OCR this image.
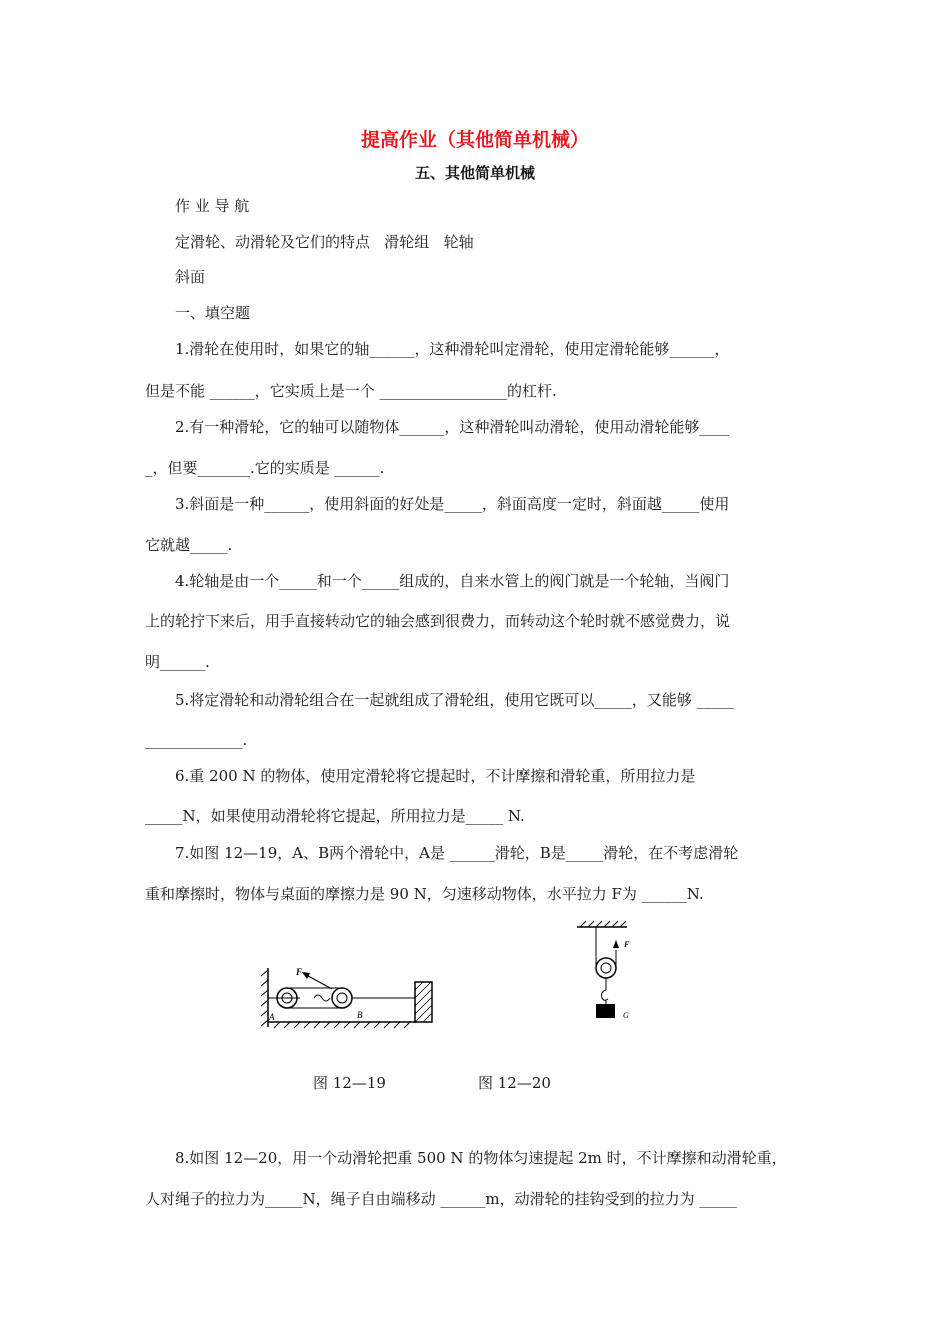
提高作业（其他简单机械）
五、其他简单机械
作 业 导 航
定滑轮、动滑轮及它们的特点   滑轮组   轮轴
斜面
一、填空题
1.滑轮在使用时，如果它的轴______，这种滑轮叫定滑轮，使用定滑轮能够______，
但是不能 ______，它实质上是一个 _________________的杠杆.
2.有一种滑轮，它的轴可以随物体______，这种滑轮叫动滑轮，使用动滑轮能够____
_，但要_______.它的实质是 ______.
3.斜面是一种______，使用斜面的好处是_____，斜面高度一定时，斜面越_____使用
它就越_____.
4.轮轴是由一个_____和一个_____组成的，自来水管上的阀门就是一个轮轴，当阀门
上的轮拧下来后，用手直接转动它的轴会感到很费力，而转动这个轮时就不感觉费力，说
明______.
5.将定滑轮和动滑轮组合在一起就组成了滑轮组，使用它既可以_____，又能够 _____
_____________.
6.重 200 N 的物体，使用定滑轮将它提起时，不计摩擦和滑轮重，所用拉力是
_____N，如果使用动滑轮将它提起，所用拉力是_____ N.
7.如图 12—19，A、B两个滑轮中，A是 ______滑轮，B是_____滑轮，在不考虑滑轮
重和摩擦时，物体与桌面的摩擦力是 90 N，匀速移动物体，水平拉力 F为 ______N.
F
A	B
F
G
图 12—19	图 12—20
8.如图 12—20，用一个动滑轮把重 500 N 的物体匀速提起 2m 时，不计摩擦和动滑轮重，
人对绳子的拉力为_____N，绳子自由端移动 ______m，动滑轮的挂钩受到的拉力为 _____
